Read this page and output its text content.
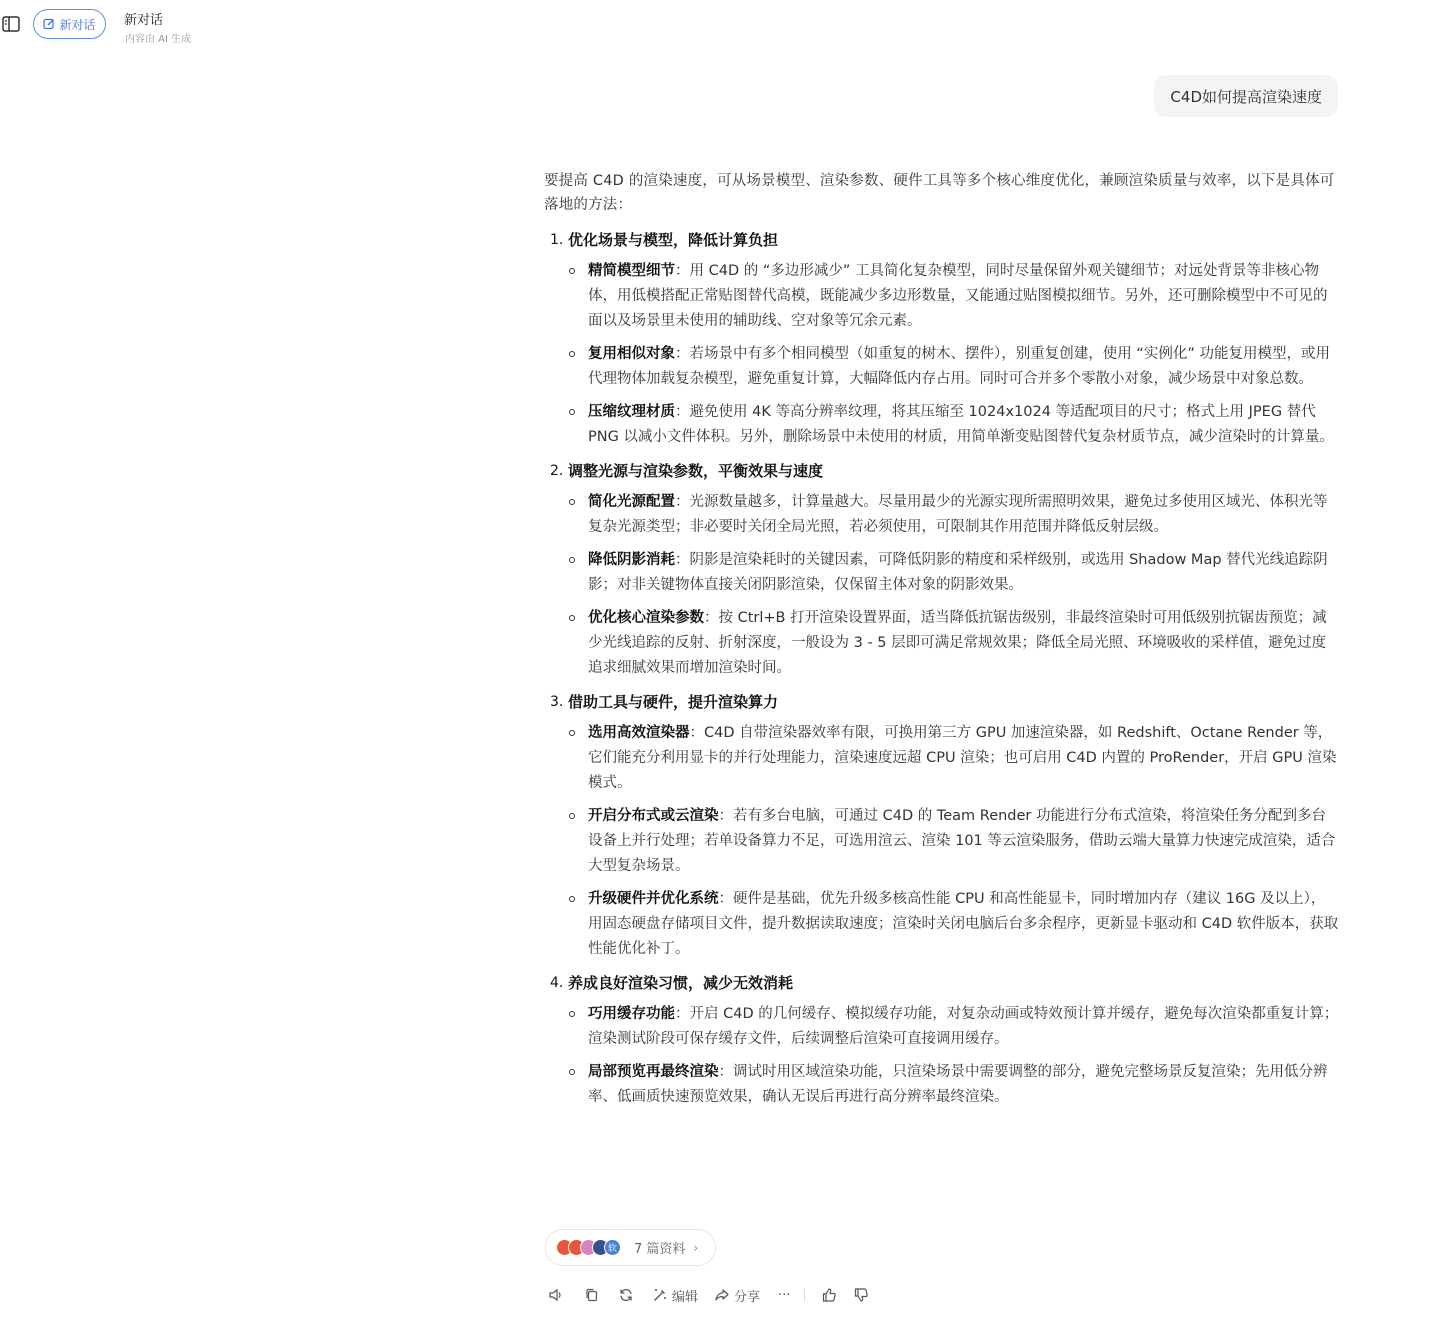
新对话 新对话
内容由 AI 生成
C4D如何提高渲染速度

要提高 C4D 的渲染速度，可从场景模型、渲染参数、硬件工具等多个核心维度优化，兼顾渲染质量与效率，以下是具体可落地的方法：

1. 优化场景与模型，降低计算负担
精简模型细节：用 C4D 的 “多边形减少” 工具简化复杂模型，同时尽量保留外观关键细节；对远处背景等非核心物体，用低模搭配正常贴图替代高模，既能减少多边形数量，又能通过贴图模拟细节。另外，还可删除模型中不可见的面以及场景里未使用的辅助线、空对象等冗余元素。
复用相似对象：若场景中有多个相同模型（如重复的树木、摆件），别重复创建，使用 “实例化” 功能复用模型，或用代理物体加载复杂模型，避免重复计算，大幅降低内存占用。同时可合并多个零散小对象，减少场景中对象总数。
压缩纹理材质：避免使用 4K 等高分辨率纹理，将其压缩至 1024x1024 等适配项目的尺寸；格式上用 JPEG 替代 PNG 以减小文件体积。另外，删除场景中未使用的材质，用简单渐变贴图替代复杂材质节点，减少渲染时的计算量。
2. 调整光源与渲染参数，平衡效果与速度
简化光源配置：光源数量越多，计算量越大。尽量用最少的光源实现所需照明效果，避免过多使用区域光、体积光等复杂光源类型；非必要时关闭全局光照，若必须使用，可限制其作用范围并降低反射层级。
降低阴影消耗：阴影是渲染耗时的关键因素，可降低阴影的精度和采样级别，或选用 Shadow Map 替代光线追踪阴影；对非关键物体直接关闭阴影渲染，仅保留主体对象的阴影效果。
优化核心渲染参数：按 Ctrl+B 打开渲染设置界面，适当降低抗锯齿级别，非最终渲染时可用低级别抗锯齿预览；减少光线追踪的反射、折射深度，一般设为 3 - 5 层即可满足常规效果；降低全局光照、环境吸收的采样值，避免过度追求细腻效果而增加渲染时间。
3. 借助工具与硬件，提升渲染算力
选用高效渲染器：C4D 自带渲染器效率有限，可换用第三方 GPU 加速渲染器，如 Redshift、Octane Render 等，它们能充分利用显卡的并行处理能力，渲染速度远超 CPU 渲染；也可启用 C4D 内置的 ProRender，开启 GPU 渲染模式。
开启分布式或云渲染：若有多台电脑，可通过 C4D 的 Team Render 功能进行分布式渲染，将渲染任务分配到多台设备上并行处理；若单设备算力不足，可选用渲云、渲染 101 等云渲染服务，借助云端大量算力快速完成渲染，适合大型复杂场景。
升级硬件并优化系统：硬件是基础，优先升级多核高性能 CPU 和高性能显卡，同时增加内存（建议 16G 及以上），用固态硬盘存储项目文件，提升数据读取速度；渲染时关闭电脑后台多余程序，更新显卡驱动和 C4D 软件版本，获取性能优化补丁。
4. 养成良好渲染习惯，减少无效消耗
巧用缓存功能：开启 C4D 的几何缓存、模拟缓存功能，对复杂动画或特效预计算并缓存，避免每次渲染都重复计算；渲染测试阶段可保存缓存文件，后续调整后渲染可直接调用缓存。
局部预览再最终渲染：调试时用区域渲染功能，只渲染场景中需要调整的部分，避免完整场景反复渲染；先用低分辨率、低画质快速预览效果，确认无误后再进行高分辨率最终渲染。
软	7 篇资料 ›
编辑	分享 ···
